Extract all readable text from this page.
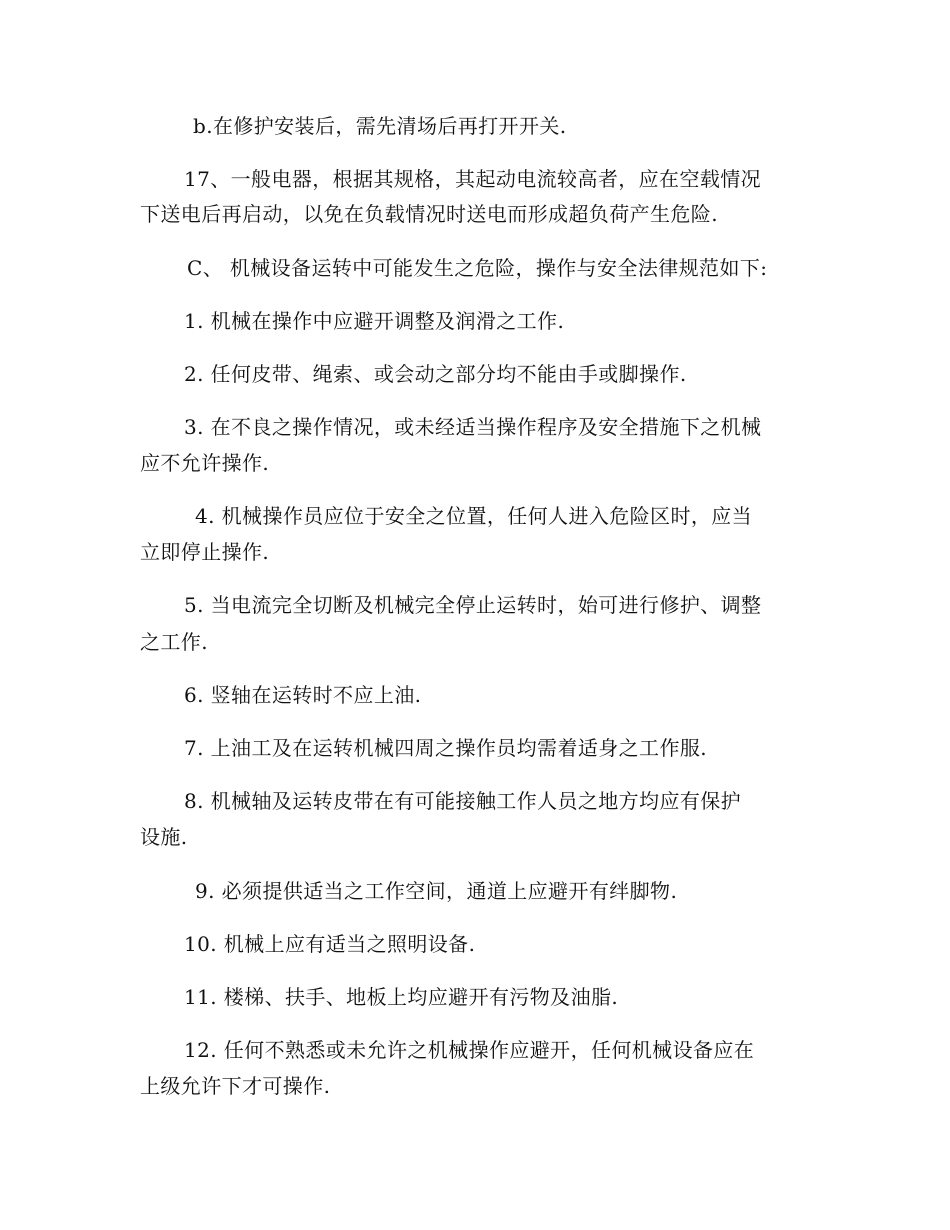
b.在修护安装后，需先清场后再打开开关.
17、一般电器，根据其规格，其起动电流较高者，应在空载情况
下送电后再启动，以免在负载情况时送电而形成超负荷产生危险.
C、 机械设备运转中可能发生之危险，操作与安全法律规范如下:
1. 机械在操作中应避开调整及润滑之工作.
2. 任何皮带、绳索、或会动之部分均不能由手或脚操作.
3. 在不良之操作情况，或未经适当操作程序及安全措施下之机械
应不允许操作.
4. 机械操作员应位于安全之位置，任何人进入危险区时，应当
立即停止操作.
5. 当电流完全切断及机械完全停止运转时，始可进行修护、调整
之工作.
6. 竖轴在运转时不应上油.
7. 上油工及在运转机械四周之操作员均需着适身之工作服.
8. 机械轴及运转皮带在有可能接触工作人员之地方均应有保护
设施.
9. 必须提供适当之工作空间，通道上应避开有绊脚物.
10. 机械上应有适当之照明设备.
11. 楼梯、扶手、地板上均应避开有污物及油脂.
12. 任何不熟悉或未允许之机械操作应避开，任何机械设备应在
上级允许下才可操作.
